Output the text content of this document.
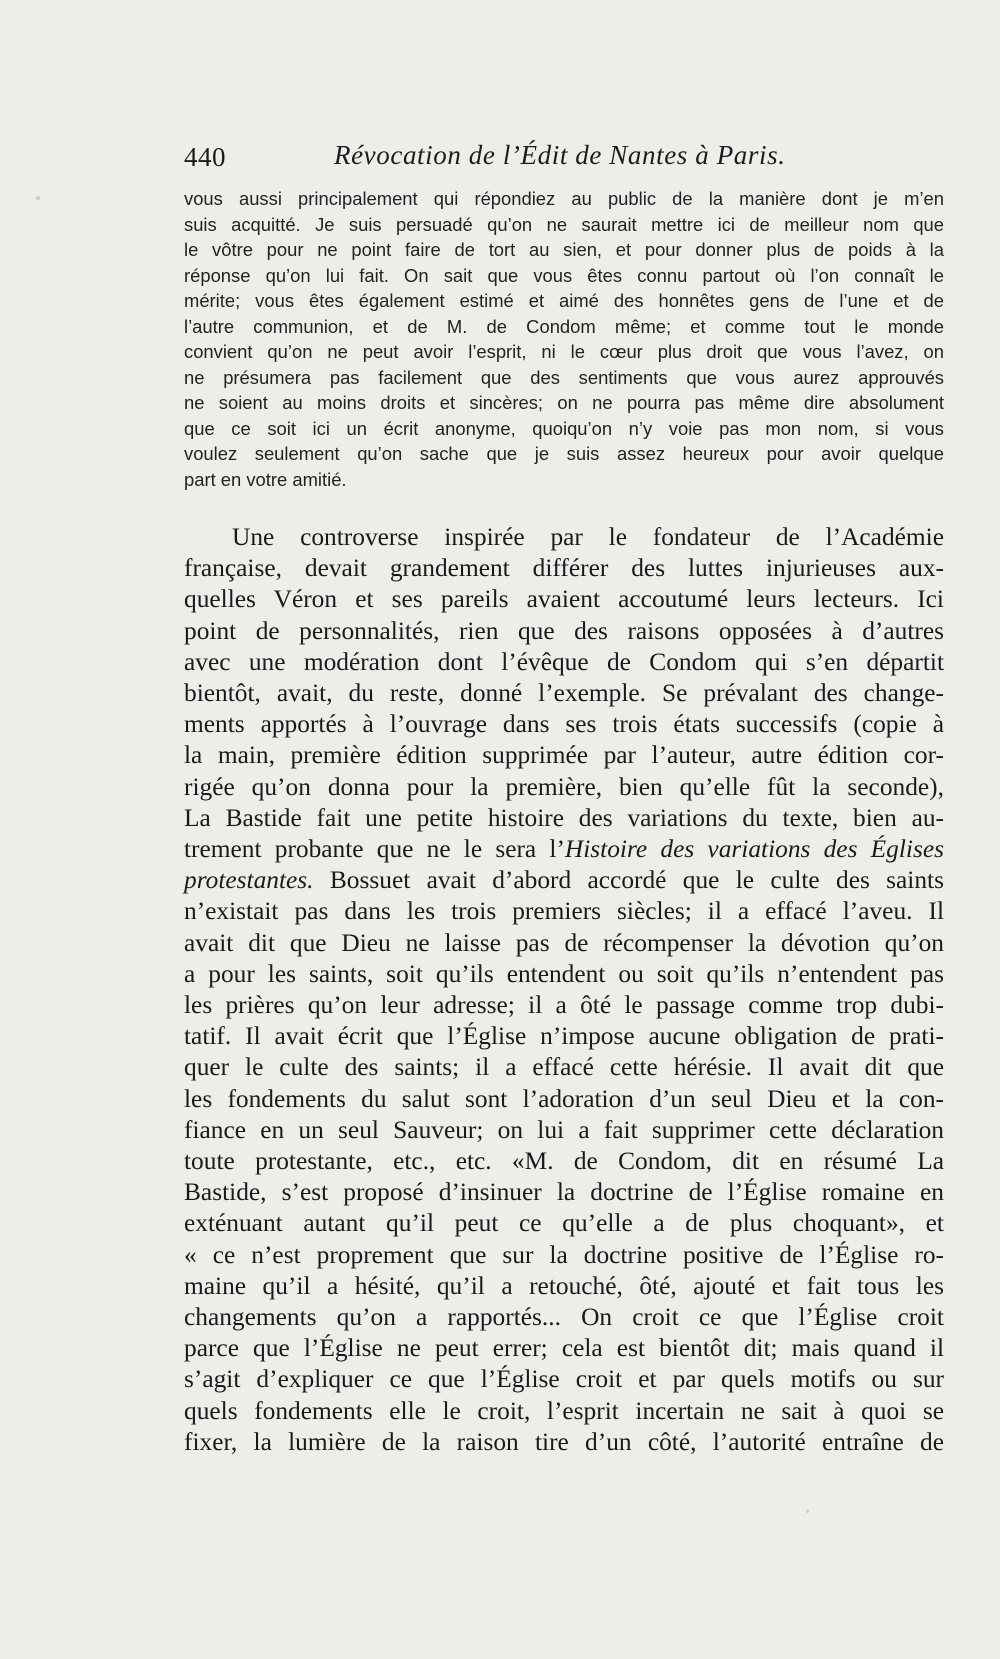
440	Révocation de l’Édit de Nantes à Paris.
vous aussi principalement qui répondiez au public de la manière dont je m’en
suis acquitté. Je suis persuadé qu’on ne saurait mettre ici de meilleur nom que
le vôtre pour ne point faire de tort au sien, et pour donner plus de poids à la
réponse qu’on lui fait. On sait que vous êtes connu partout où l’on connaît le
mérite; vous êtes également estimé et aimé des honnêtes gens de l’une et de
l’autre communion, et de M. de Condom même; et comme tout le monde
convient qu’on ne peut avoir l’esprit, ni le cœur plus droit que vous l’avez, on
ne présumera pas facilement que des sentiments que vous aurez approuvés
ne soient au moins droits et sincères; on ne pourra pas même dire absolument
que ce soit ici un écrit anonyme, quoiqu’on n’y voie pas mon nom, si vous
voulez seulement qu’on sache que je suis assez heureux pour avoir quelque
part en votre amitié.
Une controverse inspirée par le fondateur de l’Académie
française, devait grandement différer des luttes injurieuses aux-
quelles Véron et ses pareils avaient accoutumé leurs lecteurs. Ici
point de personnalités, rien que des raisons opposées à d’autres
avec une modération dont l’évêque de Condom qui s’en départit
bientôt, avait, du reste, donné l’exemple. Se prévalant des change-
ments apportés à l’ouvrage dans ses trois états successifs (copie à
la main, première édition supprimée par l’auteur, autre édition cor-
rigée qu’on donna pour la première, bien qu’elle fût la seconde),
La Bastide fait une petite histoire des variations du texte, bien au-
trement probante que ne le sera l’Histoire des variations des Églises
protestantes. Bossuet avait d’abord accordé que le culte des saints
n’existait pas dans les trois premiers siècles; il a effacé l’aveu. Il
avait dit que Dieu ne laisse pas de récompenser la dévotion qu’on
a pour les saints, soit qu’ils entendent ou soit qu’ils n’entendent pas
les prières qu’on leur adresse; il a ôté le passage comme trop dubi-
tatif. Il avait écrit que l’Église n’impose aucune obligation de prati-
quer le culte des saints; il a effacé cette hérésie. Il avait dit que
les fondements du salut sont l’adoration d’un seul Dieu et la con-
fiance en un seul Sauveur; on lui a fait supprimer cette déclaration
toute protestante, etc., etc. «M. de Condom, dit en résumé La
Bastide, s’est proposé d’insinuer la doctrine de l’Église romaine en
exténuant autant qu’il peut ce qu’elle a de plus choquant», et
« ce n’est proprement que sur la doctrine positive de l’Église ro-
maine qu’il a hésité, qu’il a retouché, ôté, ajouté et fait tous les
changements qu’on a rapportés... On croit ce que l’Église croit
parce que l’Église ne peut errer; cela est bientôt dit; mais quand il
s’agit d’expliquer ce que l’Église croit et par quels motifs ou sur
quels fondements elle le croit, l’esprit incertain ne sait à quoi se
fixer, la lumière de la raison tire d’un côté, l’autorité entraîne de
